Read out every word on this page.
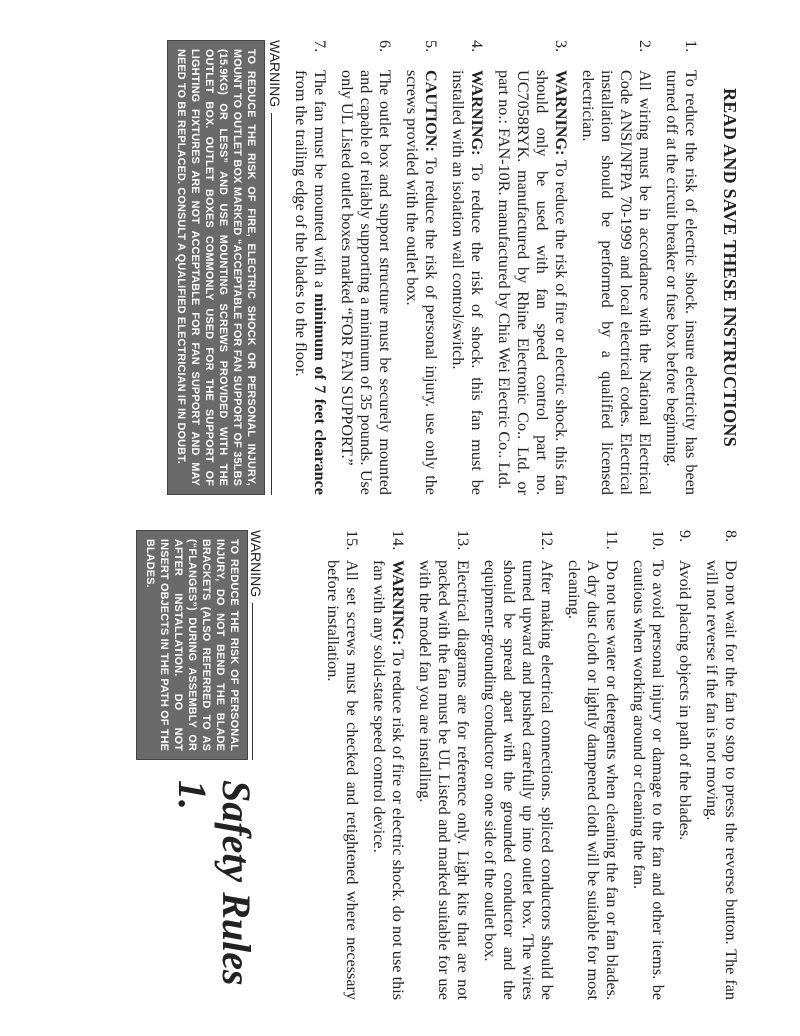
READ AND SAVE THESE INSTRUCTIONS
1.
To reduce the risk of electric shock. insure electricity has been turned off at the circuit breaker or fuse box before beginning.
2.
All wiring must be in accordance with the National Electrical Code ANSI/NFPA 70-1999 and local electrical codes. Electrical installation should be performed by a qualified licensed electrician.
3.
WARNING: To reduce the risk of fire or electric shock. this fan should only be used with fan speed control part no. UC7058RYK. manufactured by Rhine Electronic Co.. Ltd. or part no.: FAN-10R. manufactured by Chia Wei Electric Co.. Ltd.
4.
WARNING: To reduce the risk of shock. this fan must be installed with an isolation wall control/switch.
5.
CAUTION: To reduce the risk of personal injury. use only the screws provided with the outlet box.
6.
The outlet box and support structure must be securely mounted and capable of reliably supporting a minimum of 35 pounds. Use only UL Listed outlet boxes marked “FOR FAN SUPPORT.”
7.
The fan must be mounted with a minimum of 7 feet clearance from the trailing edge of the blades to the floor.
WARNING
TO REDUCE THE RISK OF FIRE, ELECTRIC SHOCK OR PERSONAL INJURY, MOUNT TO OUTLET BOX MARKED “ACCEPTABLE FOR FAN SUPPORT OF 35LBS (15.9KG) OR LESS” AND USE MOUNTING SCREWS PROVIDED WITH THE OUTLET BOX. OUTLET BOXES COMMONLY USED FOR THE SUPPORT OF LIGHTING FIXTURES ARE NOT ACCEPTABLE FOR FAN SUPPORT AND MAY NEED TO BE REPLACED. CONSULT A QUALIFIED ELECTRICIAN IF IN DOUBT.
8.
Do not wait for the fan to stop to press the reverse button. The fan will not reverse if the fan is not moving.
9.
Avoid placing objects in path of the blades.
10.
To avoid personal injury or damage to the fan and other items. be cautious when working around or cleaning the fan.
11.
Do not use water or detergents when cleaning the fan or fan blades. A dry dust cloth or lightly dampened cloth will be suitable for most cleaning.
12.
After making electrical connections. spliced conductors should be turned upward and pushed carefully up into outlet box. The wires should be spread apart with the grounded conductor and the equipment-grounding conductor on one side of the outlet box.
13.
Electrical diagrams are for reference only. Light kits that are not packed with the fan must be UL Listed and marked suitable for use with the model fan you are installing.
14.
WARNING: To reduce risk of fire or electric shock. do not use this fan with any solid-state speed control device.
15.
All set screws must be checked and retightened where necessary before installation.
WARNING
TO REDUCE THE RISK OF PERSONAL INJURY, DO NOT BEND THE BLADE BRACKETS (ALSO REFERRED TO AS (“FLANGES”) DURING ASSEMBLY OR AFTER INSTALLATION. DO NOT INSERT OBJECTS IN THE PATH OF THE BLADES.
Safety Rules 1.
